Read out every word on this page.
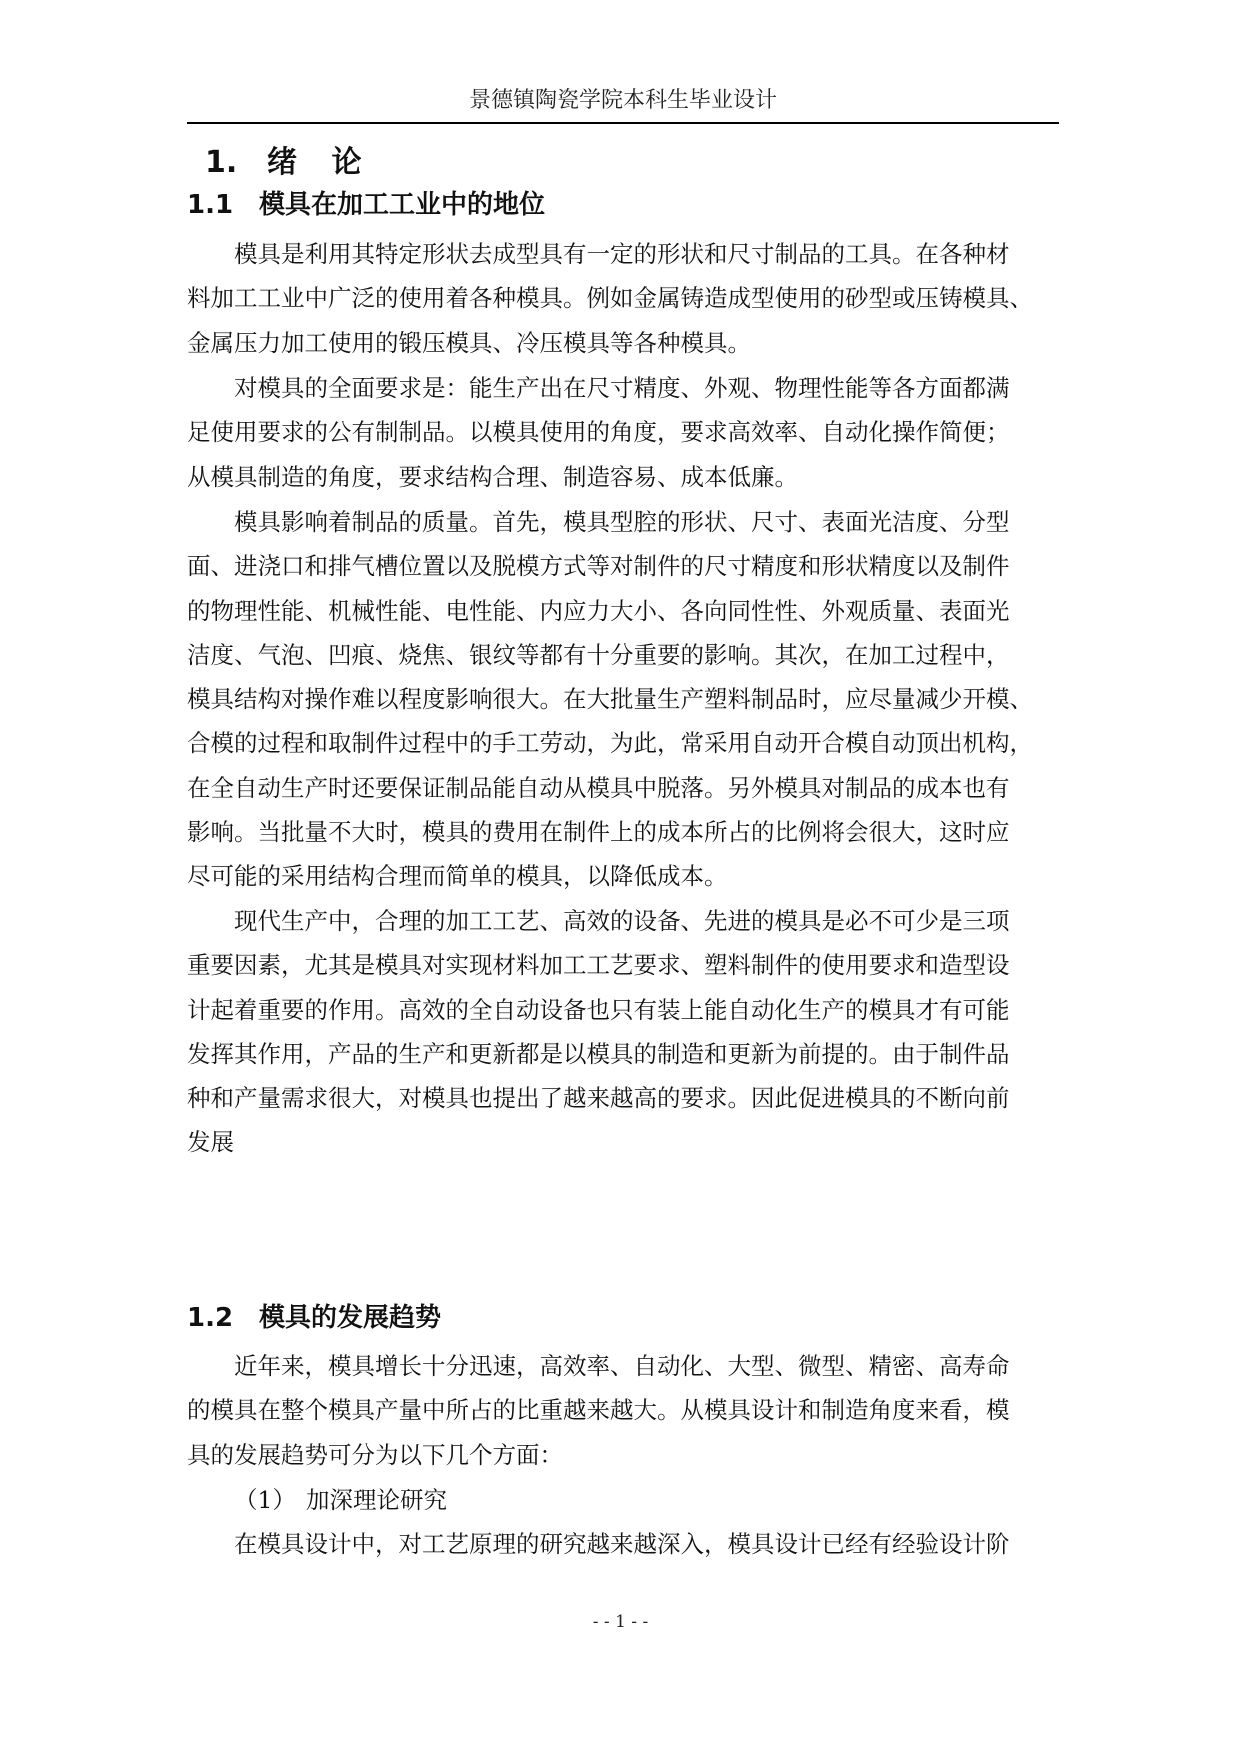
景德镇陶瓷学院本科生毕业设计
1. 绪 论
1.1 模具在加工工业中的地位
模具是利用其特定形状去成型具有一定的形状和尺寸制品的工具。在各种材
料加工工业中广泛的使用着各种模具。例如金属铸造成型使用的砂型或压铸模具、
金属压力加工使用的锻压模具、冷压模具等各种模具。
对模具的全面要求是：能生产出在尺寸精度、外观、物理性能等各方面都满
足使用要求的公有制制品。以模具使用的角度，要求高效率、自动化操作简便；
从模具制造的角度，要求结构合理、制造容易、成本低廉。
模具影响着制品的质量。首先，模具型腔的形状、尺寸、表面光洁度、分型
面、进浇口和排气槽位置以及脱模方式等对制件的尺寸精度和形状精度以及制件
的物理性能、机械性能、电性能、内应力大小、各向同性性、外观质量、表面光
洁度、气泡、凹痕、烧焦、银纹等都有十分重要的影响。其次，在加工过程中，
模具结构对操作难以程度影响很大。在大批量生产塑料制品时，应尽量减少开模、
合模的过程和取制件过程中的手工劳动，为此，常采用自动开合模自动顶出机构，
在全自动生产时还要保证制品能自动从模具中脱落。另外模具对制品的成本也有
影响。当批量不大时，模具的费用在制件上的成本所占的比例将会很大，这时应
尽可能的采用结构合理而简单的模具，以降低成本。
现代生产中，合理的加工工艺、高效的设备、先进的模具是必不可少是三项
重要因素，尤其是模具对实现材料加工工艺要求、塑料制件的使用要求和造型设
计起着重要的作用。高效的全自动设备也只有装上能自动化生产的模具才有可能
发挥其作用，产品的生产和更新都是以模具的制造和更新为前提的。由于制件品
种和产量需求很大，对模具也提出了越来越高的要求。因此促进模具的不断向前
发展
1.2 模具的发展趋势
近年来，模具增长十分迅速，高效率、自动化、大型、微型、精密、高寿命
的模具在整个模具产量中所占的比重越来越大。从模具设计和制造角度来看，模
具的发展趋势可分为以下几个方面：
（1） 加深理论研究
在模具设计中，对工艺原理的研究越来越深入，模具设计已经有经验设计阶
- - 1 - -
